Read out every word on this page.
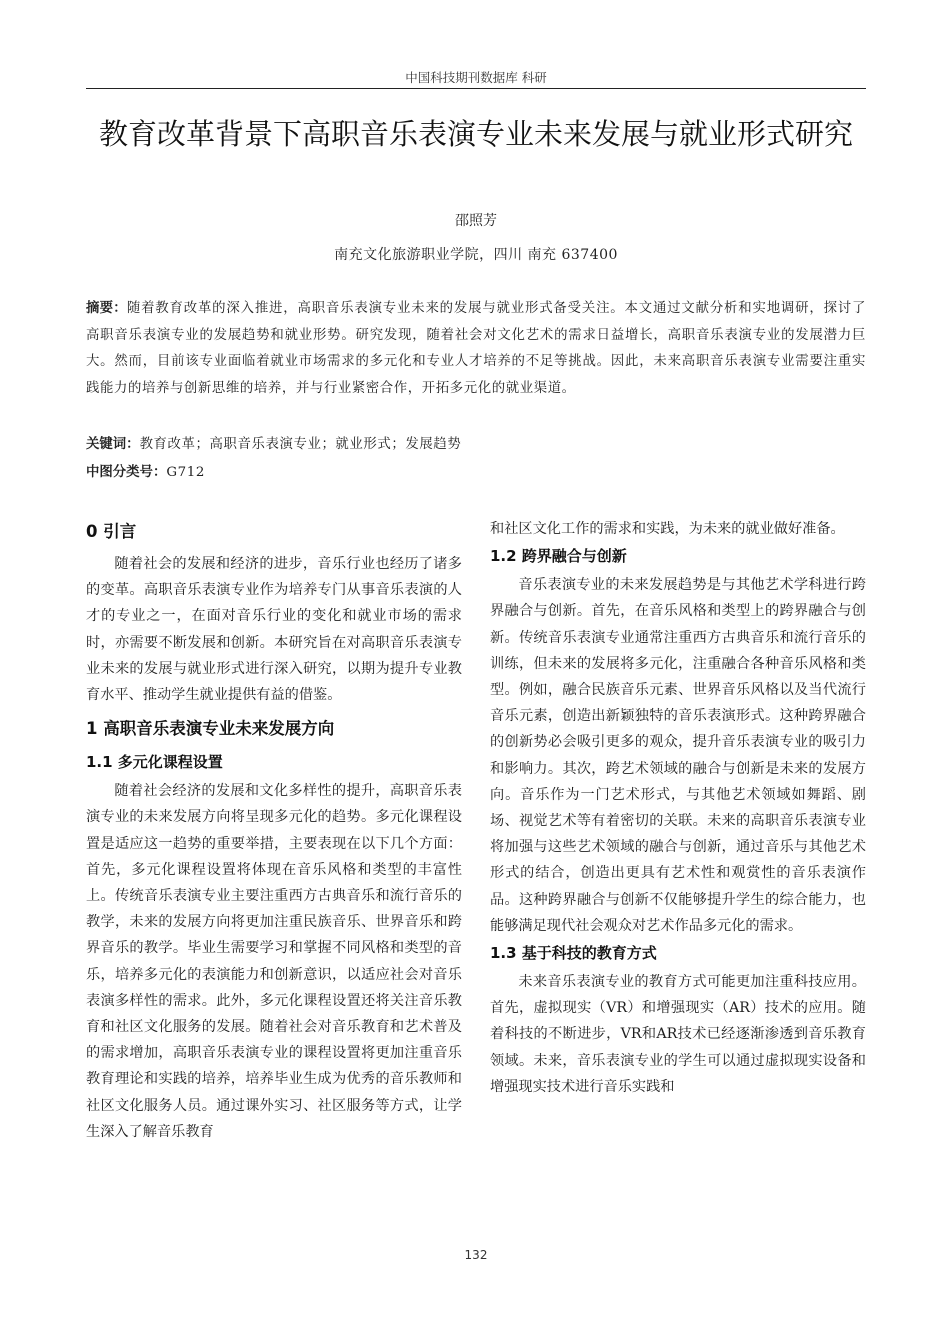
中国科技期刊数据库 科研
教育改革背景下高职音乐表演专业未来发展与就业形式研究
邵照芳
南充文化旅游职业学院，四川 南充 637400
摘要：随着教育改革的深入推进，高职音乐表演专业未来的发展与就业形式备受关注。本文通过文献分析和实地调研，探讨了高职音乐表演专业的发展趋势和就业形势。研究发现，随着社会对文化艺术的需求日益增长，高职音乐表演专业的发展潜力巨大。然而，目前该专业面临着就业市场需求的多元化和专业人才培养的不足等挑战。因此，未来高职音乐表演专业需要注重实践能力的培养与创新思维的培养，并与行业紧密合作，开拓多元化的就业渠道。
关键词：教育改革；高职音乐表演专业；就业形式；发展趋势
中图分类号：G712
0 引言

随着社会的发展和经济的进步，音乐行业也经历了诸多的变革。高职音乐表演专业作为培养专门从事音乐表演的人才的专业之一，在面对音乐行业的变化和就业市场的需求时，亦需要不断发展和创新。本研究旨在对高职音乐表演专业未来的发展与就业形式进行深入研究，以期为提升专业教育水平、推动学生就业提供有益的借鉴。

1 高职音乐表演专业未来发展方向
1.1 多元化课程设置

随着社会经济的发展和文化多样性的提升，高职音乐表演专业的未来发展方向将呈现多元化的趋势。多元化课程设置是适应这一趋势的重要举措，主要表现在以下几个方面：首先，多元化课程设置将体现在音乐风格和类型的丰富性上。传统音乐表演专业主要注重西方古典音乐和流行音乐的教学，未来的发展方向将更加注重民族音乐、世界音乐和跨界音乐的教学。毕业生需要学习和掌握不同风格和类型的音乐，培养多元化的表演能力和创新意识，以适应社会对音乐表演多样性的需求。此外，多元化课程设置还将关注音乐教育和社区文化服务的发展。随着社会对音乐教育和艺术普及的需求增加，高职音乐表演专业的课程设置将更加注重音乐教育理论和实践的培养，培养毕业生成为优秀的音乐教师和社区文化服务人员。通过课外实习、社区服务等方式，让学生深入了解音乐教育

和社区文化工作的需求和实践，为未来的就业做好准备。

1.2 跨界融合与创新

音乐表演专业的未来发展趋势是与其他艺术学科进行跨界融合与创新。首先，在音乐风格和类型上的跨界融合与创新。传统音乐表演专业通常注重西方古典音乐和流行音乐的训练，但未来的发展将多元化，注重融合各种音乐风格和类型。例如，融合民族音乐元素、世界音乐风格以及当代流行音乐元素，创造出新颖独特的音乐表演形式。这种跨界融合的创新势必会吸引更多的观众，提升音乐表演专业的吸引力和影响力。其次，跨艺术领域的融合与创新是未来的发展方向。音乐作为一门艺术形式，与其他艺术领域如舞蹈、剧场、视觉艺术等有着密切的关联。未来的高职音乐表演专业将加强与这些艺术领域的融合与创新，通过音乐与其他艺术形式的结合，创造出更具有艺术性和观赏性的音乐表演作品。这种跨界融合与创新不仅能够提升学生的综合能力，也能够满足现代社会观众对艺术作品多元化的需求。

1.3 基于科技的教育方式

未来音乐表演专业的教育方式可能更加注重科技应用。首先，虚拟现实（VR）和增强现实（AR）技术的应用。随着科技的不断进步，VR和AR技术已经逐渐渗透到音乐教育领域。未来，音乐表演专业的学生可以通过虚拟现实设备和增强现实技术进行音乐实践和

132
